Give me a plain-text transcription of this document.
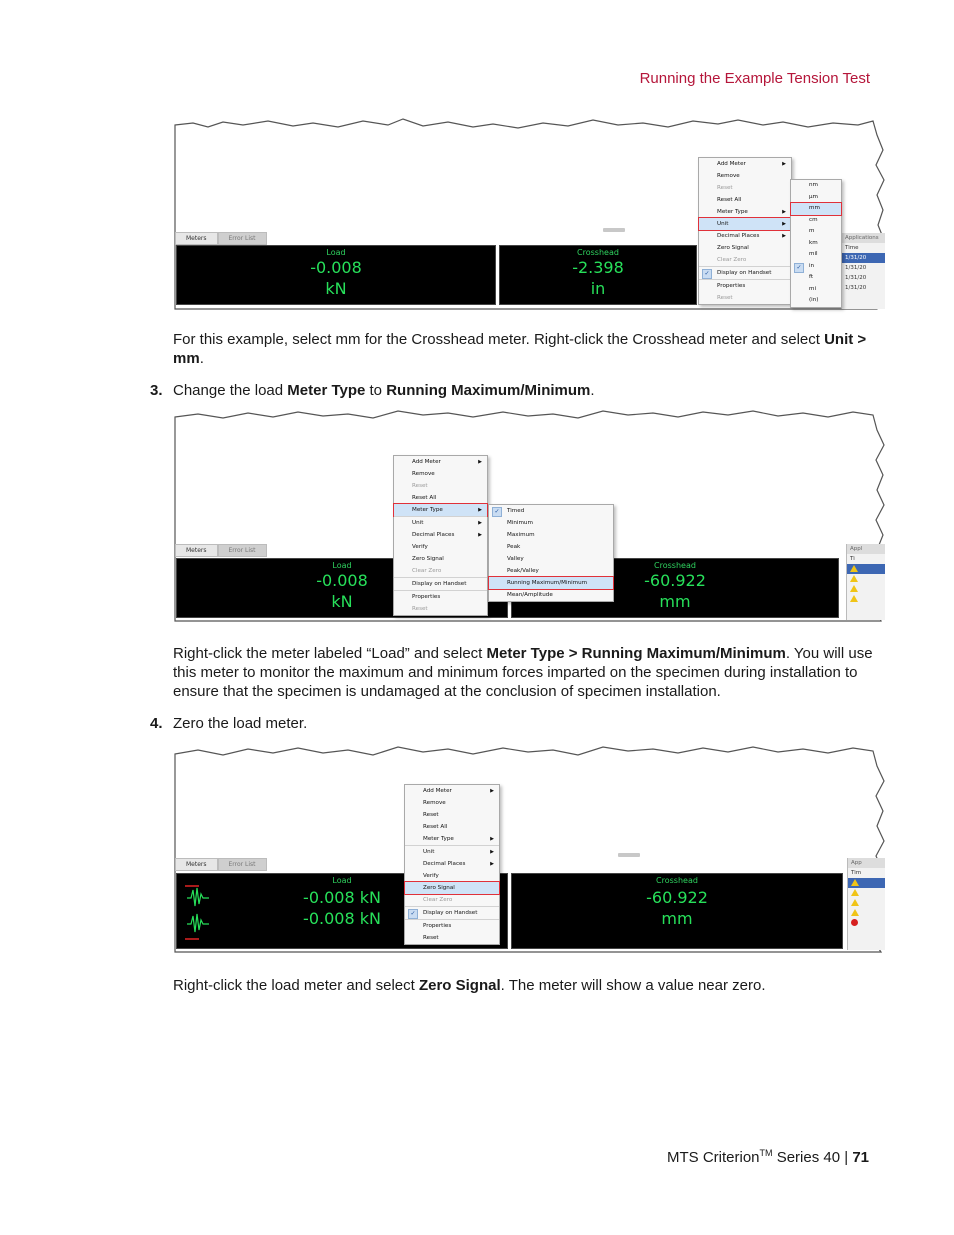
Running the Example Tension Test
Meters	Error List
Load
-0.008
kN
Crosshead
-2.398
in
Applications
Time
1/31/20
1/31/20
1/31/20
1/31/20
Add Meter	▶
Remove
Reset
Reset All
Meter Type	▶
Unit	▶
Decimal Places	▶
Zero Signal
Clear Zero
✓	Display on Handset
Properties
Reset
nm
µm
mm
cm
m
km
mil
✓	in
ft
mi
(in)

For this example, select mm for the Crosshead meter. Right-click the Crosshead meter and select Unit > mm.

3. Change the load Meter Type to Running Maximum/Minimum.

Meters	Error List
Load
-0.008
kN
Crosshead
-60.922
mm
Appl
Ti
Add Meter	▶
Remove
Reset
Reset All
Meter Type	▶
Unit	▶
Decimal Places	▶
Verify
Zero Signal
Clear Zero
Display on Handset
Properties
Reset
✓	Timed
Minimum
Maximum
Peak
Valley
Peak/Valley
Running Maximum/Minimum
Mean/Amplitude

Right-click the meter labeled “Load” and select Meter Type > Running Maximum/Minimum. You will use this meter to monitor the maximum and minimum forces imparted on the specimen during installation to ensure that the specimen is undamaged at the conclusion of specimen installation.

4. Zero the load meter.

Meters	Error List
Load
-0.008 kN
-0.008 kN
Crosshead
-60.922
mm
App
Tim
Add Meter	▶
Remove
Reset
Reset All
Meter Type	▶
Unit	▶
Decimal Places	▶
Verify
Zero Signal
Clear Zero
✓	Display on Handset
Properties
Reset

Right-click the load meter and select Zero Signal. The meter will show a value near zero.

MTS Criterion™ Series 40 | 71
